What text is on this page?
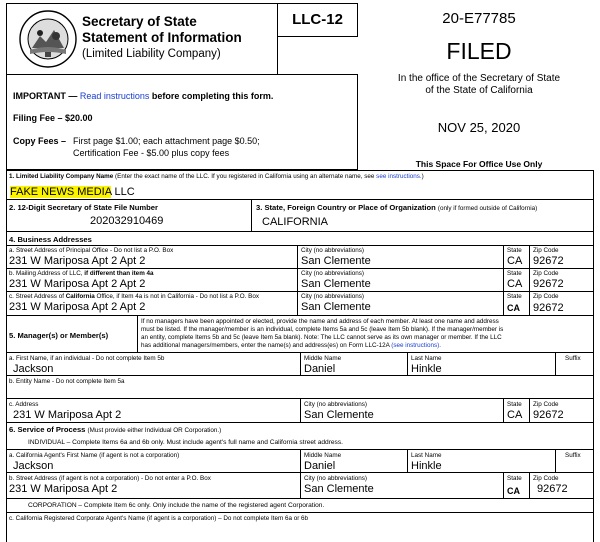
LLC-12
Secretary of State
Statement of Information
(Limited Liability Company)
IMPORTANT — Read instructions before completing this form.
Filing Fee – $20.00
Copy Fees – First page $1.00; each attachment page $0.50;
Certification Fee - $5.00 plus copy fees
20-E77785
FILED
In the office of the Secretary of State
of the State of California
NOV 25, 2020
This Space For Office Use Only
1. Limited Liability Company Name (Enter the exact name of the LLC. If you registered in California using an alternate name, see see instructions.)
FAKE NEWS MEDIA LLC
2. 12-Digit Secretary of State File Number
202032910469
3. State, Foreign Country or Place of Organization (only if formed outside of California)
CALIFORNIA
4. Business Addresses
a. Street Address of Principal Office - Do not list a P.O. Box	City (no abbreviations)	State Zip Code
231 W Mariposa Apt 2 Apt 2	San Clemente	CA 92672
b. Mailing Address of LLC, if different than item 4a	City (no abbreviations)	State Zip Code
231 W Mariposa Apt 2 Apt 2	San Clemente	CA 92672
c. Street Address of California Office, if Item 4a is not in California - Do not list a P.O. Box	City (no abbreviations)	State Zip Code
231 W Mariposa Apt 2 Apt 2	San Clemente	CA 92672
5. Manager(s) or Member(s)
If no managers have been appointed or elected, provide the name and address of each member. At least one name and address
must be listed. If the manager/member is an individual, complete Items 5a and 5c (leave Item 5b blank). If the manager/member is
an entity, complete Items 5b and 5c (leave Item 5a blank). Note: The LLC cannot serve as its own manager or member. If the LLC
has additional managers/members, enter the name(s) and address(es) on Form LLC-12A (see instructions).
a. First Name, if an individual - Do not complete Item 5b	Middle Name	Last Name	Suffix
Jackson	Daniel	Hinkle
b. Entity Name - Do not complete Item 5a
c. Address	City (no abbreviations)	State Zip Code
231 W Mariposa Apt 2	San Clemente	CA 92672
6. Service of Process (Must provide either Individual OR Corporation.)
INDIVIDUAL – Complete Items 6a and 6b only. Must include agent's full name and California street address.
a. California Agent's First Name (if agent is not a corporation)	Middle Name	Last Name	Suffix
Jackson	Daniel	Hinkle
b. Street Address (if agent is not a corporation) - Do not enter a P.O. Box	City (no abbreviations)	State Zip Code
231 W Mariposa Apt 2	San Clemente	CA 92672
CORPORATION – Complete Item 6c only. Only include the name of the registered agent Corporation.
c. California Registered Corporate Agent's Name (if agent is a corporation) – Do not complete Item 6a or 6b
